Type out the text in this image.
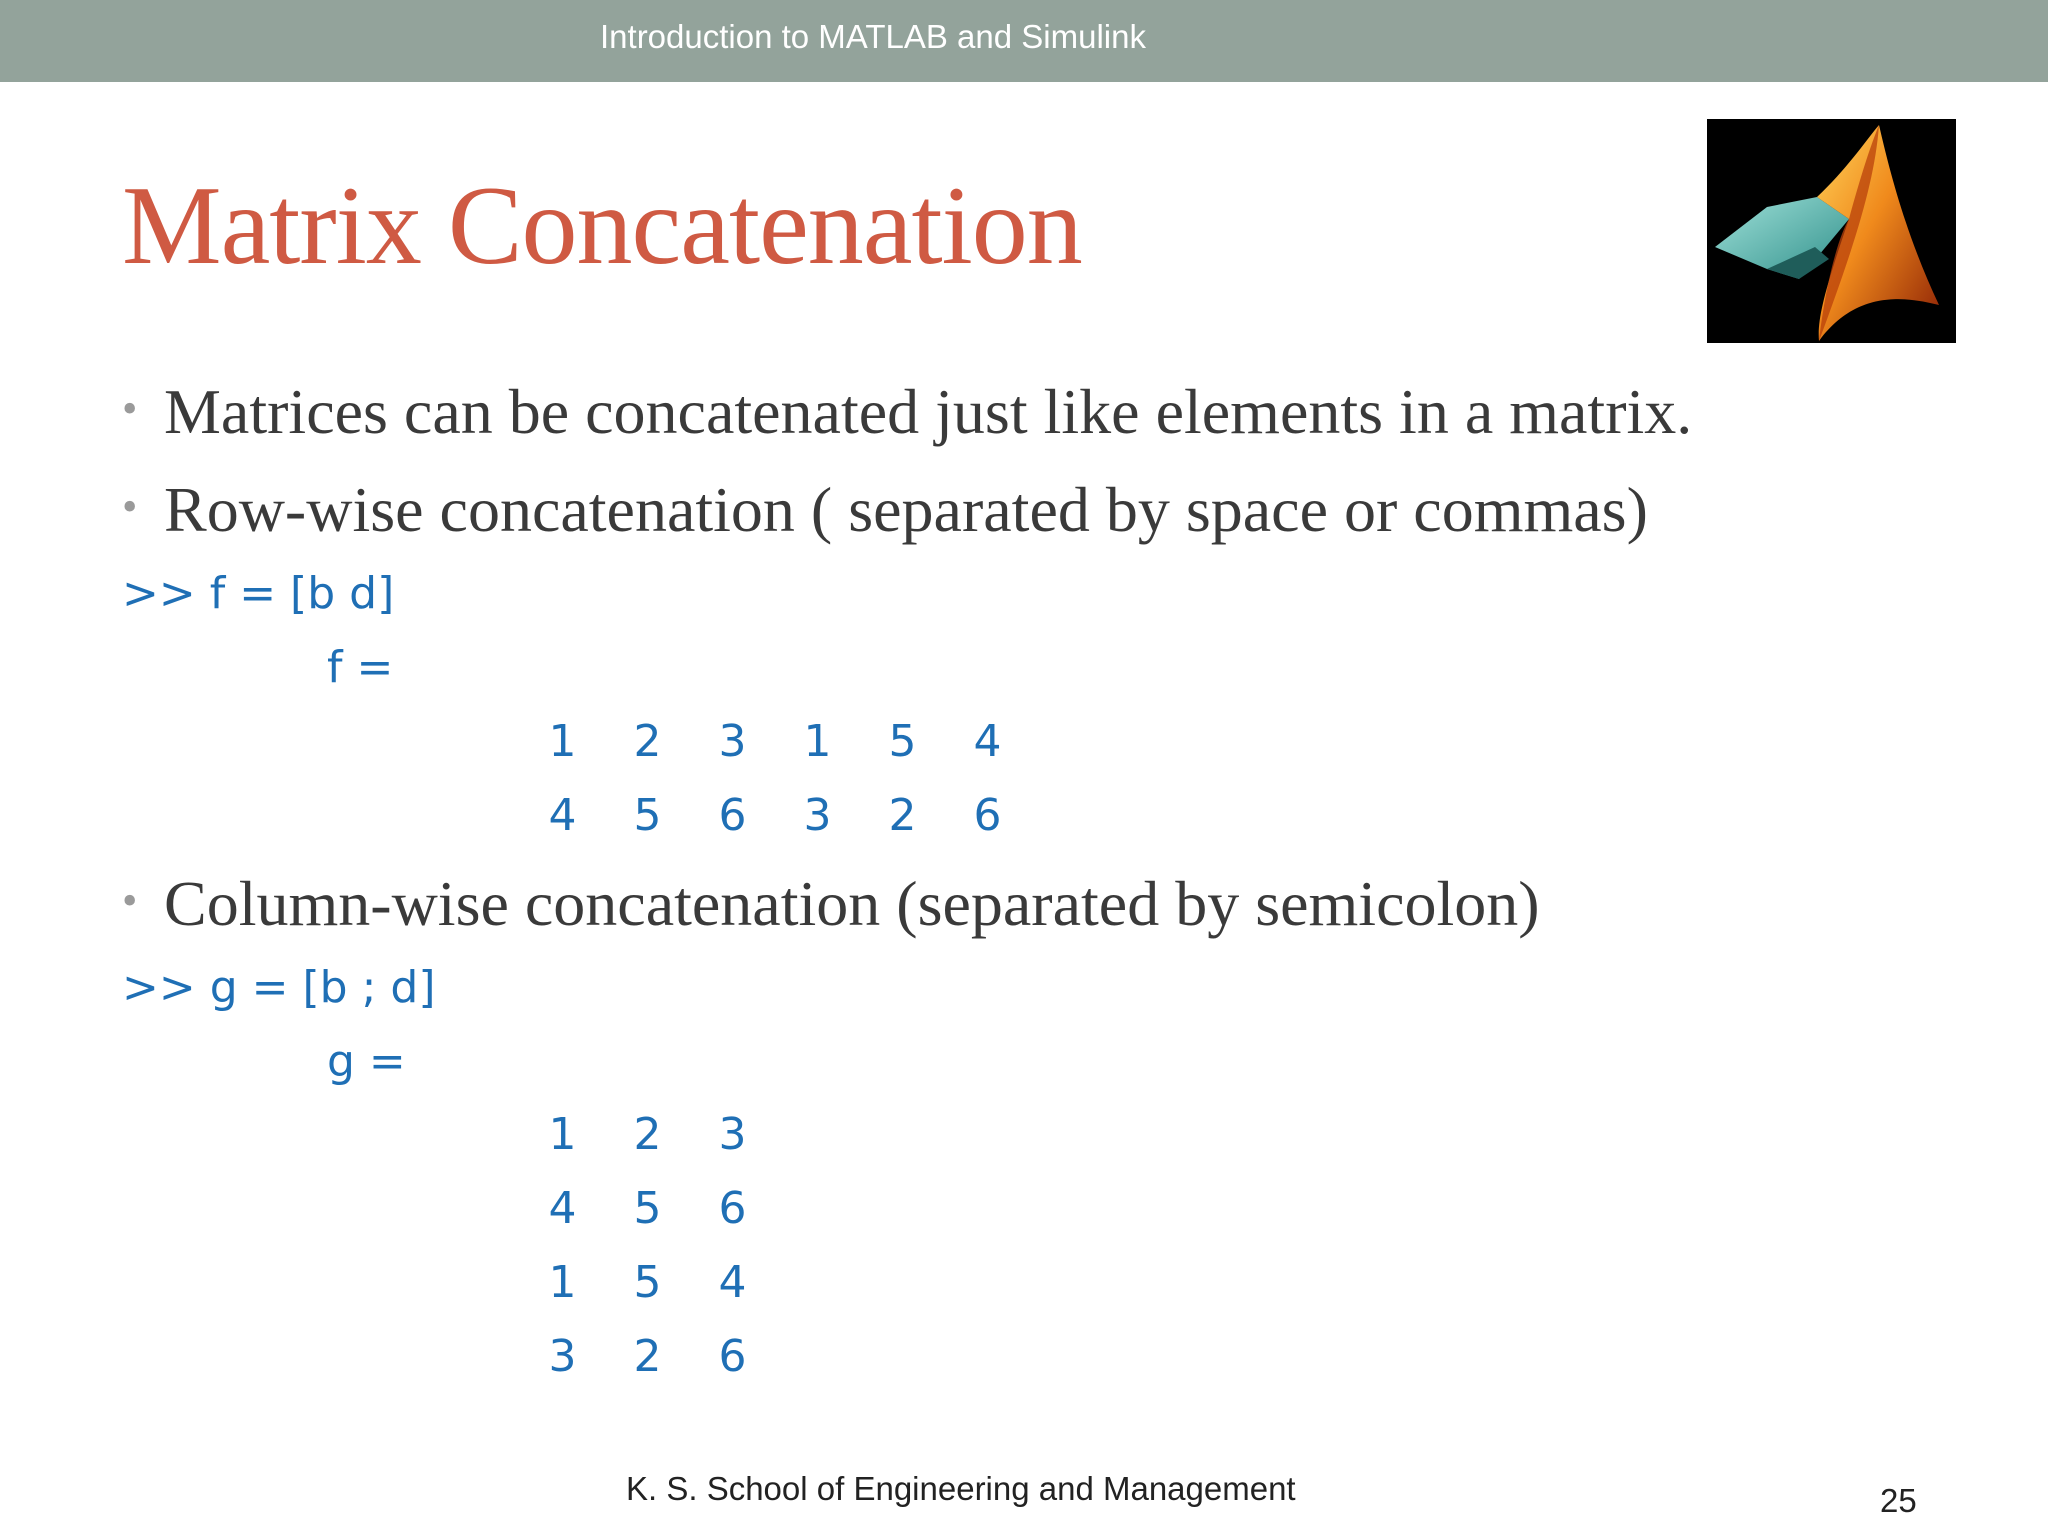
Introduction to MATLAB and Simulink
Matrix Concatenation
• Matrices can be concatenated just like elements in a matrix.
• Row-wise concatenation ( separated by space or commas)
>> f = [b d]
f =
1	2	3	1	5	4
4	5	6	3	2	6
• Column-wise concatenation (separated by semicolon)
>> g = [b ; d]
g =
1	2	3
4	5	6
1	5	4
3	2	6
K. S. School of Engineering and Management	25
